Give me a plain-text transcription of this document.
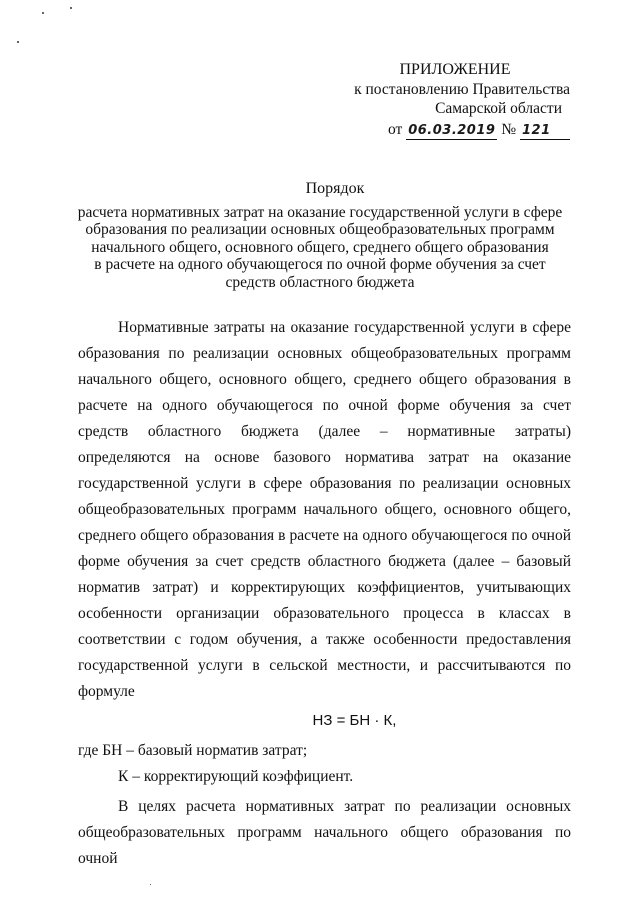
ПРИЛОЖЕНИЕ
к постановлению Правительства
Самарской области
от 06.03.2019 № 121
Порядок
расчета нормативных затрат на оказание государственной услуги в сфере
образования по реализации основных общеобразовательных программ
начального общего, основного общего, среднего общего образования
в расчете на одного обучающегося по очной форме обучения за счет
средств областного бюджета

Нормативные затраты на оказание государственной услуги в сфере образования по реализации основных общеобразовательных программ начального общего, основного общего, среднего общего образования в расчете на одного обучающегося по очной форме обучения за счет средств областного бюджета (далее – нормативные затраты) определяются на основе базового норматива затрат на оказание государственной услуги в сфере образования по реализации основных общеобразовательных программ начального общего, основного общего, среднего общего образования в расчете на одного обучающегося по очной форме обучения за счет средств областного бюджета (далее – базовый норматив затрат) и корректирующих коэффициентов, учитывающих особенности организации образовательного процесса в классах в соответствии с годом обучения, а также особенности предоставления государственной услуги в сельской местности, и рассчитываются по формуле

НЗ = БН · К,

где БН – базовый норматив затрат;

К – корректирующий коэффициент.

В целях расчета нормативных затрат по реализации основных общеобразовательных программ начального общего образования по очной
